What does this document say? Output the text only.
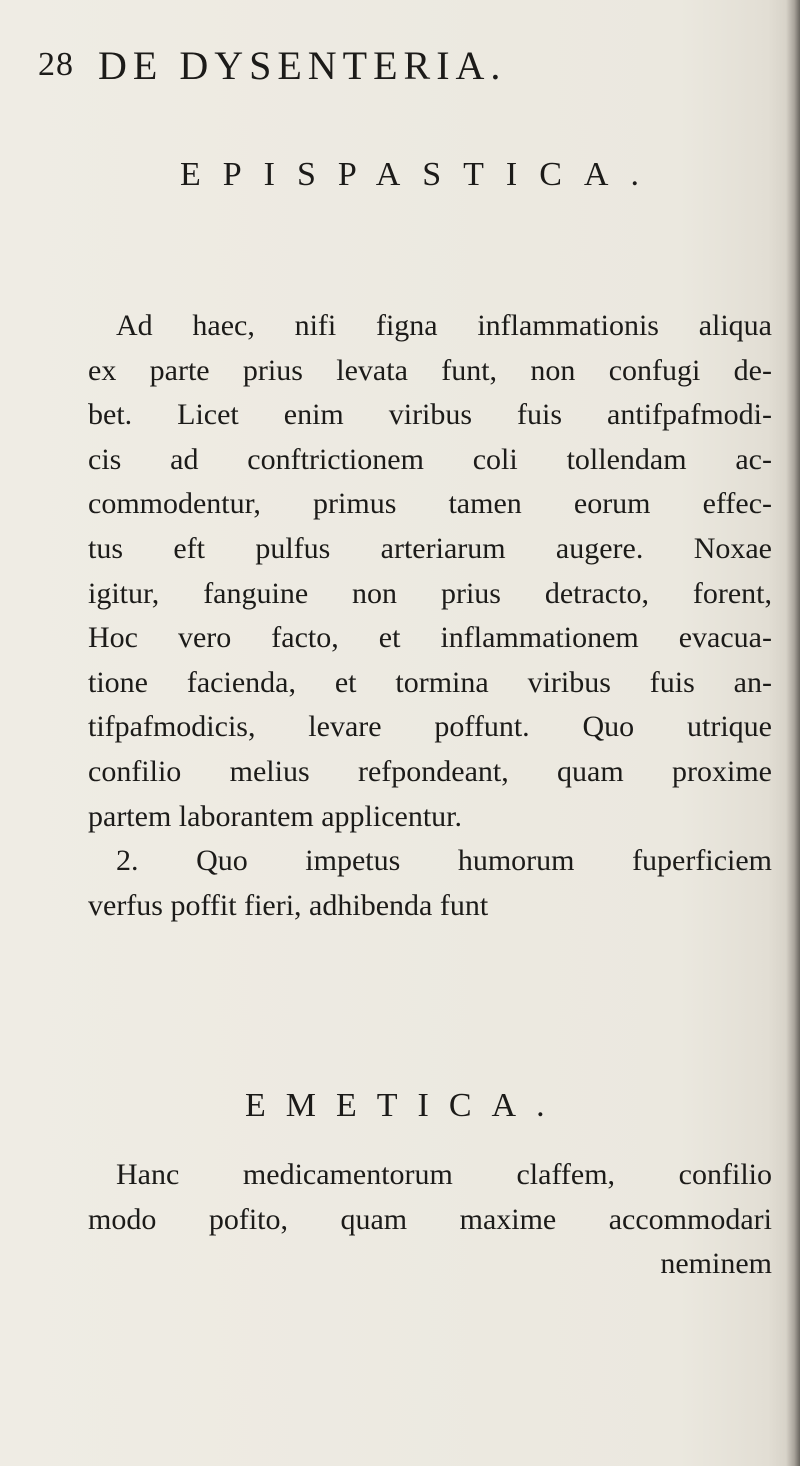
28 DE DYSENTERIA.
EPISPASTICA.
Ad haec, nifi figna inflammationis aliqua
ex parte prius levata funt, non confugi de-
bet. Licet enim viribus fuis antifpafmodi-
cis ad conftrictionem coli tollendam ac-
commodentur, primus tamen eorum effec-
tus eft pulfus arteriarum augere. Noxae
igitur, fanguine non prius detracto, forent,
Hoc vero facto, et inflammationem evacua-
tione facienda, et tormina viribus fuis an-
tifpafmodicis, levare poffunt. Quo utrique
confilio melius refpondeant, quam proxime
partem laborantem applicentur.
2. Quo impetus humorum fuperficiem
verfus poffit fieri, adhibenda funt
EMETICA.
Hanc medicamentorum claffem, confilio
modo pofito, quam maxime accommodari
neminem
